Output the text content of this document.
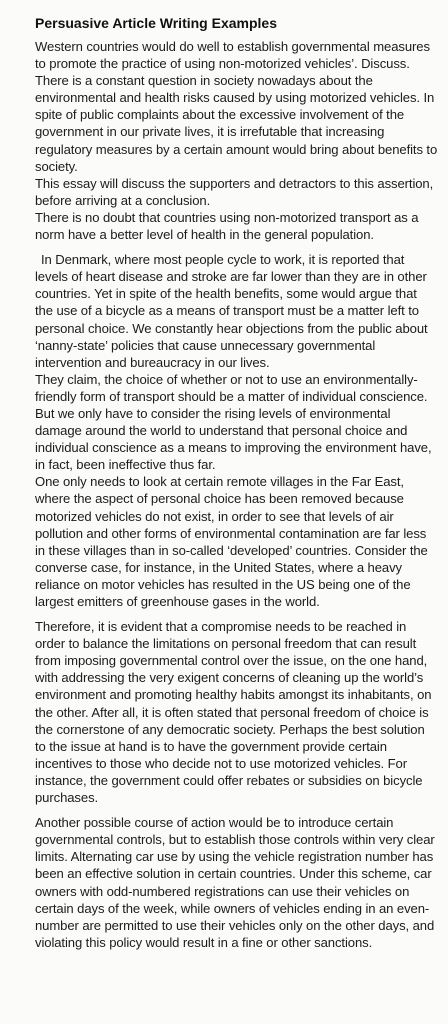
Persuasive Article Writing Examples

Western countries would do well to establish governmental measures to promote the practice of using non-motorized vehicles’. Discuss.

There is a constant question in society nowadays about the environmental and health risks caused by using motorized vehicles. In spite of public complaints about the excessive involvement of the government in our private lives, it is irrefutable that increasing regulatory measures by a certain amount would bring about benefits to society.

This essay will discuss the supporters and detractors to this assertion, before arriving at a conclusion.

There is no doubt that countries using non-motorized transport as a norm have a better level of health in the general population.

In Denmark, where most people cycle to work, it is reported that levels of heart disease and stroke are far lower than they are in other countries. Yet in spite of the health benefits, some would argue that the use of a bicycle as a means of transport must be a matter left to personal choice. We constantly hear objections from the public about ‘nanny-state’ policies that cause unnecessary governmental intervention and bureaucracy in our lives.

They claim, the choice of whether or not to use an environmentally-friendly form of transport should be a matter of individual conscience. But we only have to consider the rising levels of environmental damage around the world to understand that personal choice and individual conscience as a means to improving the environment have, in fact, been ineffective thus far.

One only needs to look at certain remote villages in the Far East, where the aspect of personal choice has been removed because motorized vehicles do not exist, in order to see that levels of air pollution and other forms of environmental contamination are far less in these villages than in so-called ‘developed’ countries. Consider the converse case, for instance, in the United States, where a heavy reliance on motor vehicles has resulted in the US being one of the largest emitters of greenhouse gases in the world.

Therefore, it is evident that a compromise needs to be reached in order to balance the limitations on personal freedom that can result from imposing governmental control over the issue, on the one hand, with addressing the very exigent concerns of cleaning up the world’s environment and promoting healthy habits amongst its inhabitants, on the other. After all, it is often stated that personal freedom of choice is the cornerstone of any democratic society. Perhaps the best solution to the issue at hand is to have the government provide certain incentives to those who decide not to use motorized vehicles. For instance, the government could offer rebates or subsidies on bicycle purchases.

Another possible course of action would be to introduce certain governmental controls, but to establish those controls within very clear limits. Alternating car use by using the vehicle registration number has been an effective solution in certain countries. Under this scheme, car owners with odd-numbered registrations can use their vehicles on certain days of the week, while owners of vehicles ending in an even-number are permitted to use their vehicles only on the other days, and violating this policy would result in a fine or other sanctions.
